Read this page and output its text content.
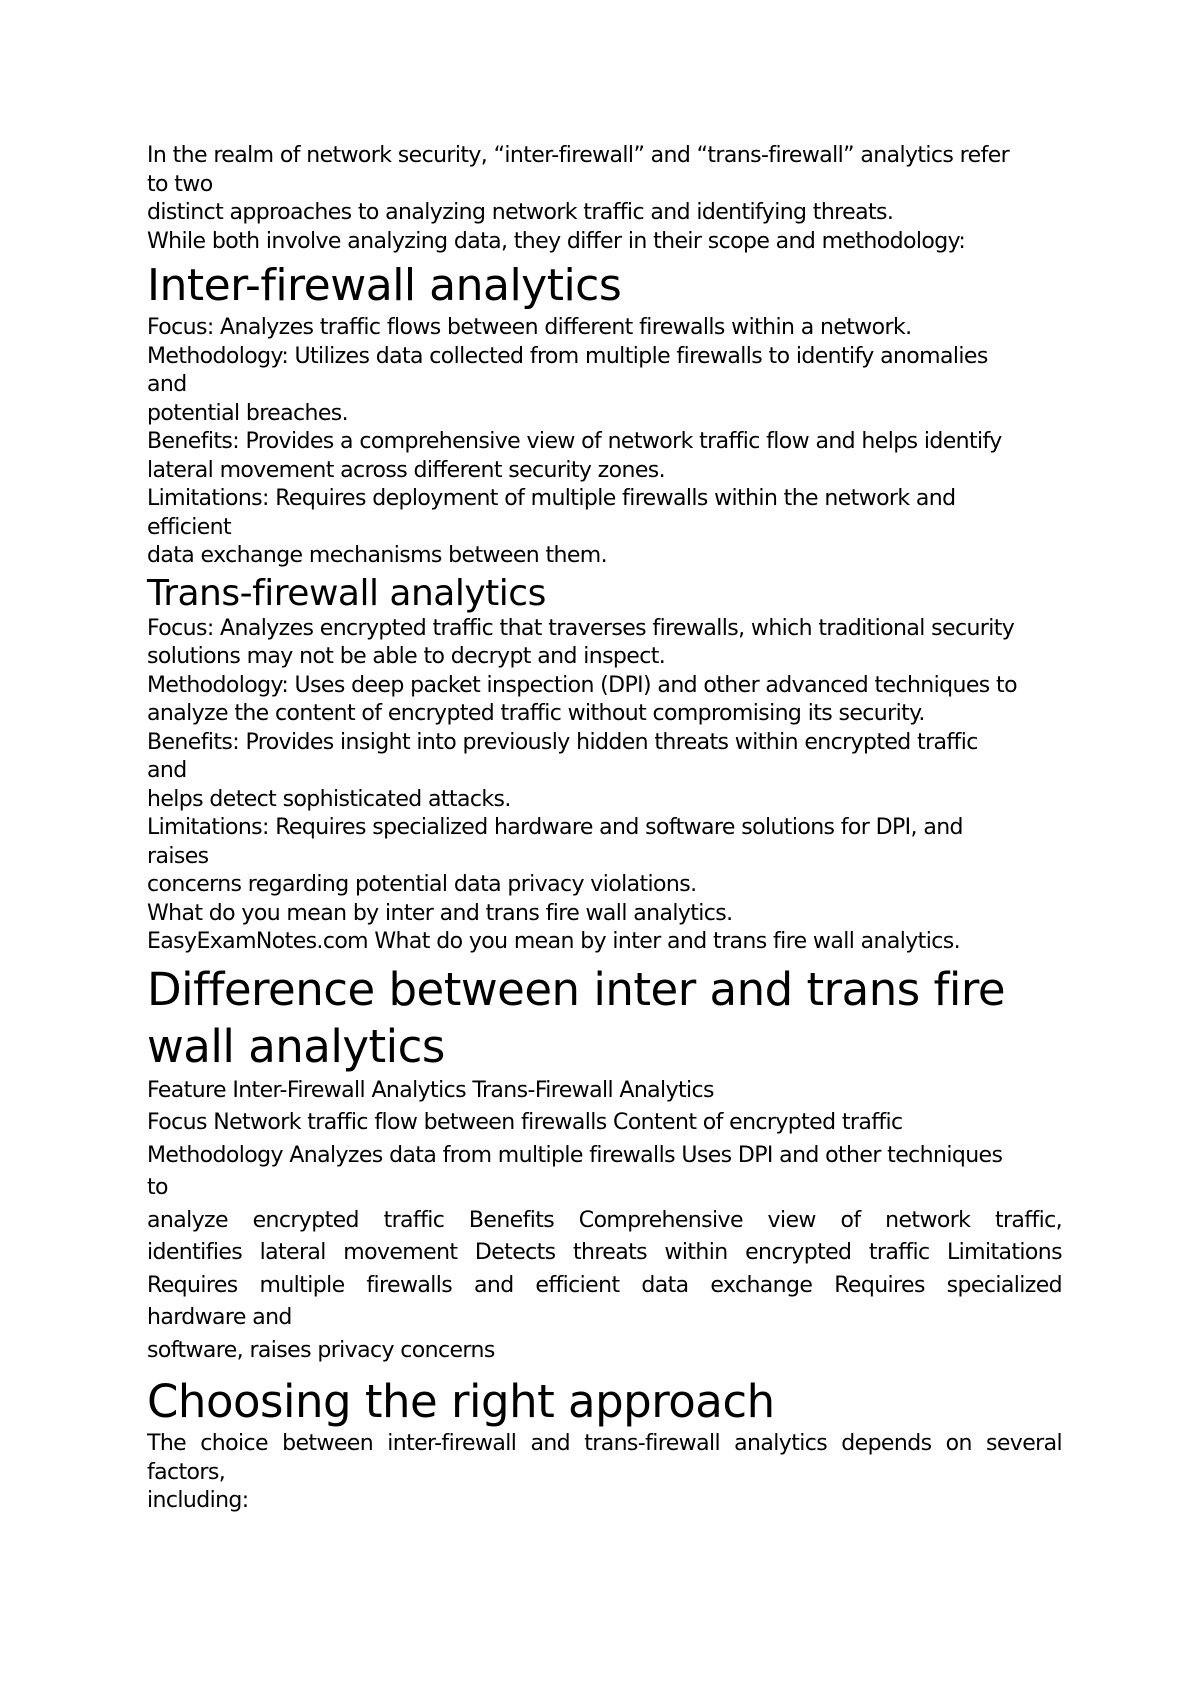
In the realm of network security, “inter-firewall” and “trans-firewall” analytics refer
to two
distinct approaches to analyzing network traffic and identifying threats.
While both involve analyzing data, they differ in their scope and methodology:
Inter-firewall analytics
Focus: Analyzes traffic flows between different firewalls within a network.
Methodology: Utilizes data collected from multiple firewalls to identify anomalies
and
potential breaches.
Benefits: Provides a comprehensive view of network traffic flow and helps identify
lateral movement across different security zones.
Limitations: Requires deployment of multiple firewalls within the network and
efficient
data exchange mechanisms between them.
Trans-firewall analytics
Focus: Analyzes encrypted traffic that traverses firewalls, which traditional security
solutions may not be able to decrypt and inspect.
Methodology: Uses deep packet inspection (DPI) and other advanced techniques to
analyze the content of encrypted traffic without compromising its security.
Benefits: Provides insight into previously hidden threats within encrypted traffic
and
helps detect sophisticated attacks.
Limitations: Requires specialized hardware and software solutions for DPI, and
raises
concerns regarding potential data privacy violations.
What do you mean by inter and trans fire wall analytics.
EasyExamNotes.com What do you mean by inter and trans fire wall analytics.
Difference between inter and trans fire
wall analytics
Feature Inter-Firewall Analytics Trans-Firewall Analytics
Focus Network traffic flow between firewalls Content of encrypted traffic
Methodology Analyzes data from multiple firewalls Uses DPI and other techniques
to
analyze encrypted traffic Benefits Comprehensive view of network traffic,
identifies lateral movement Detects threats within encrypted traffic Limitations
Requires multiple firewalls and efficient data exchange Requires specialized
hardware and
software, raises privacy concerns
Choosing the right approach
The choice between inter-firewall and trans-firewall analytics depends on several
factors,
including:
